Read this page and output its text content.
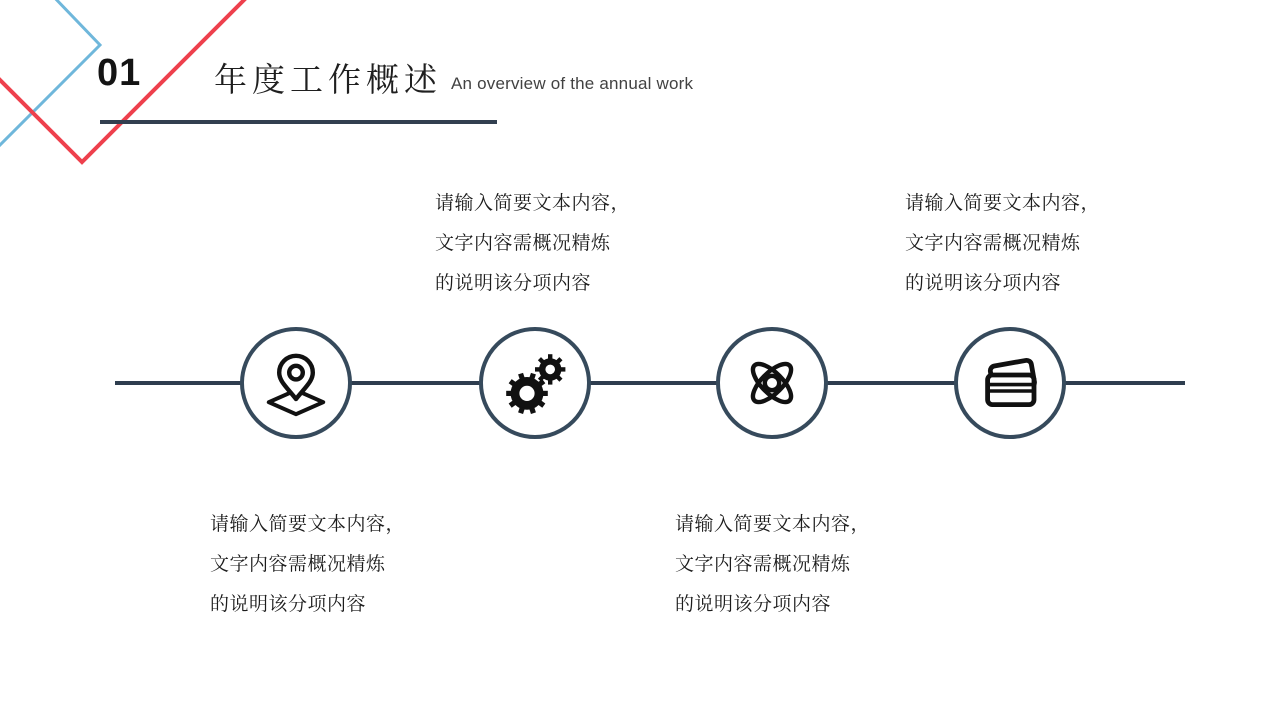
01 年度工作概述 An overview of the annual work
请输入简要文本内容，
文字内容需概况精炼
的说明该分项内容
请输入简要文本内容，
文字内容需概况精炼
的说明该分项内容
请输入简要文本内容，
文字内容需概况精炼
的说明该分项内容
请输入简要文本内容，
文字内容需概况精炼
的说明该分项内容
